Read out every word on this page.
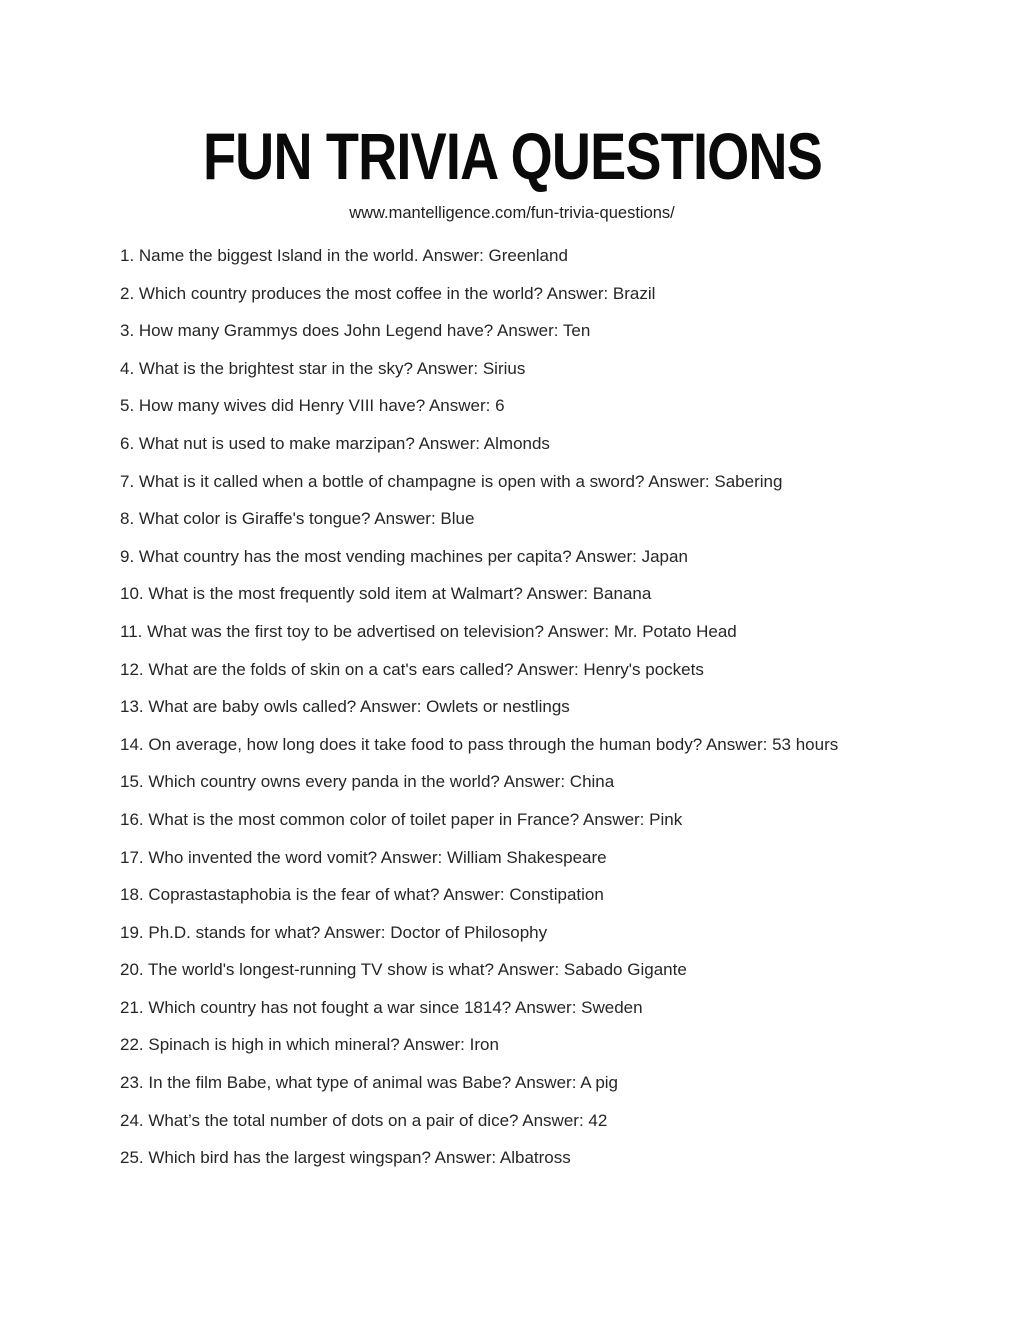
FUN TRIVIA QUESTIONS
www.mantelligence.com/fun-trivia-questions/
1. Name the biggest Island in the world. Answer: Greenland
2. Which country produces the most coffee in the world? Answer: Brazil
3. How many Grammys does John Legend have? Answer: Ten
4. What is the brightest star in the sky? Answer: Sirius
5. How many wives did Henry VIII have? Answer: 6
6. What nut is used to make marzipan? Answer: Almonds
7. What is it called when a bottle of champagne is open with a sword? Answer: Sabering
8. What color is Giraffe's tongue? Answer: Blue
9. What country has the most vending machines per capita? Answer: Japan
10. What is the most frequently sold item at Walmart? Answer: Banana
11. What was the first toy to be advertised on television? Answer: Mr. Potato Head
12. What are the folds of skin on a cat's ears called? Answer: Henry's pockets
13. What are baby owls called? Answer: Owlets or nestlings
14. On average, how long does it take food to pass through the human body? Answer: 53 hours
15. Which country owns every panda in the world? Answer: China
16. What is the most common color of toilet paper in France? Answer: Pink
17. Who invented the word vomit? Answer: William Shakespeare
18. Coprastastaphobia is the fear of what? Answer: Constipation
19. Ph.D. stands for what? Answer: Doctor of Philosophy
20. The world's longest-running TV show is what? Answer: Sabado Gigante
21. Which country has not fought a war since 1814? Answer: Sweden
22. Spinach is high in which mineral? Answer: Iron
23. In the film Babe, what type of animal was Babe? Answer: A pig
24. What’s the total number of dots on a pair of dice? Answer: 42
25. Which bird has the largest wingspan? Answer: Albatross
